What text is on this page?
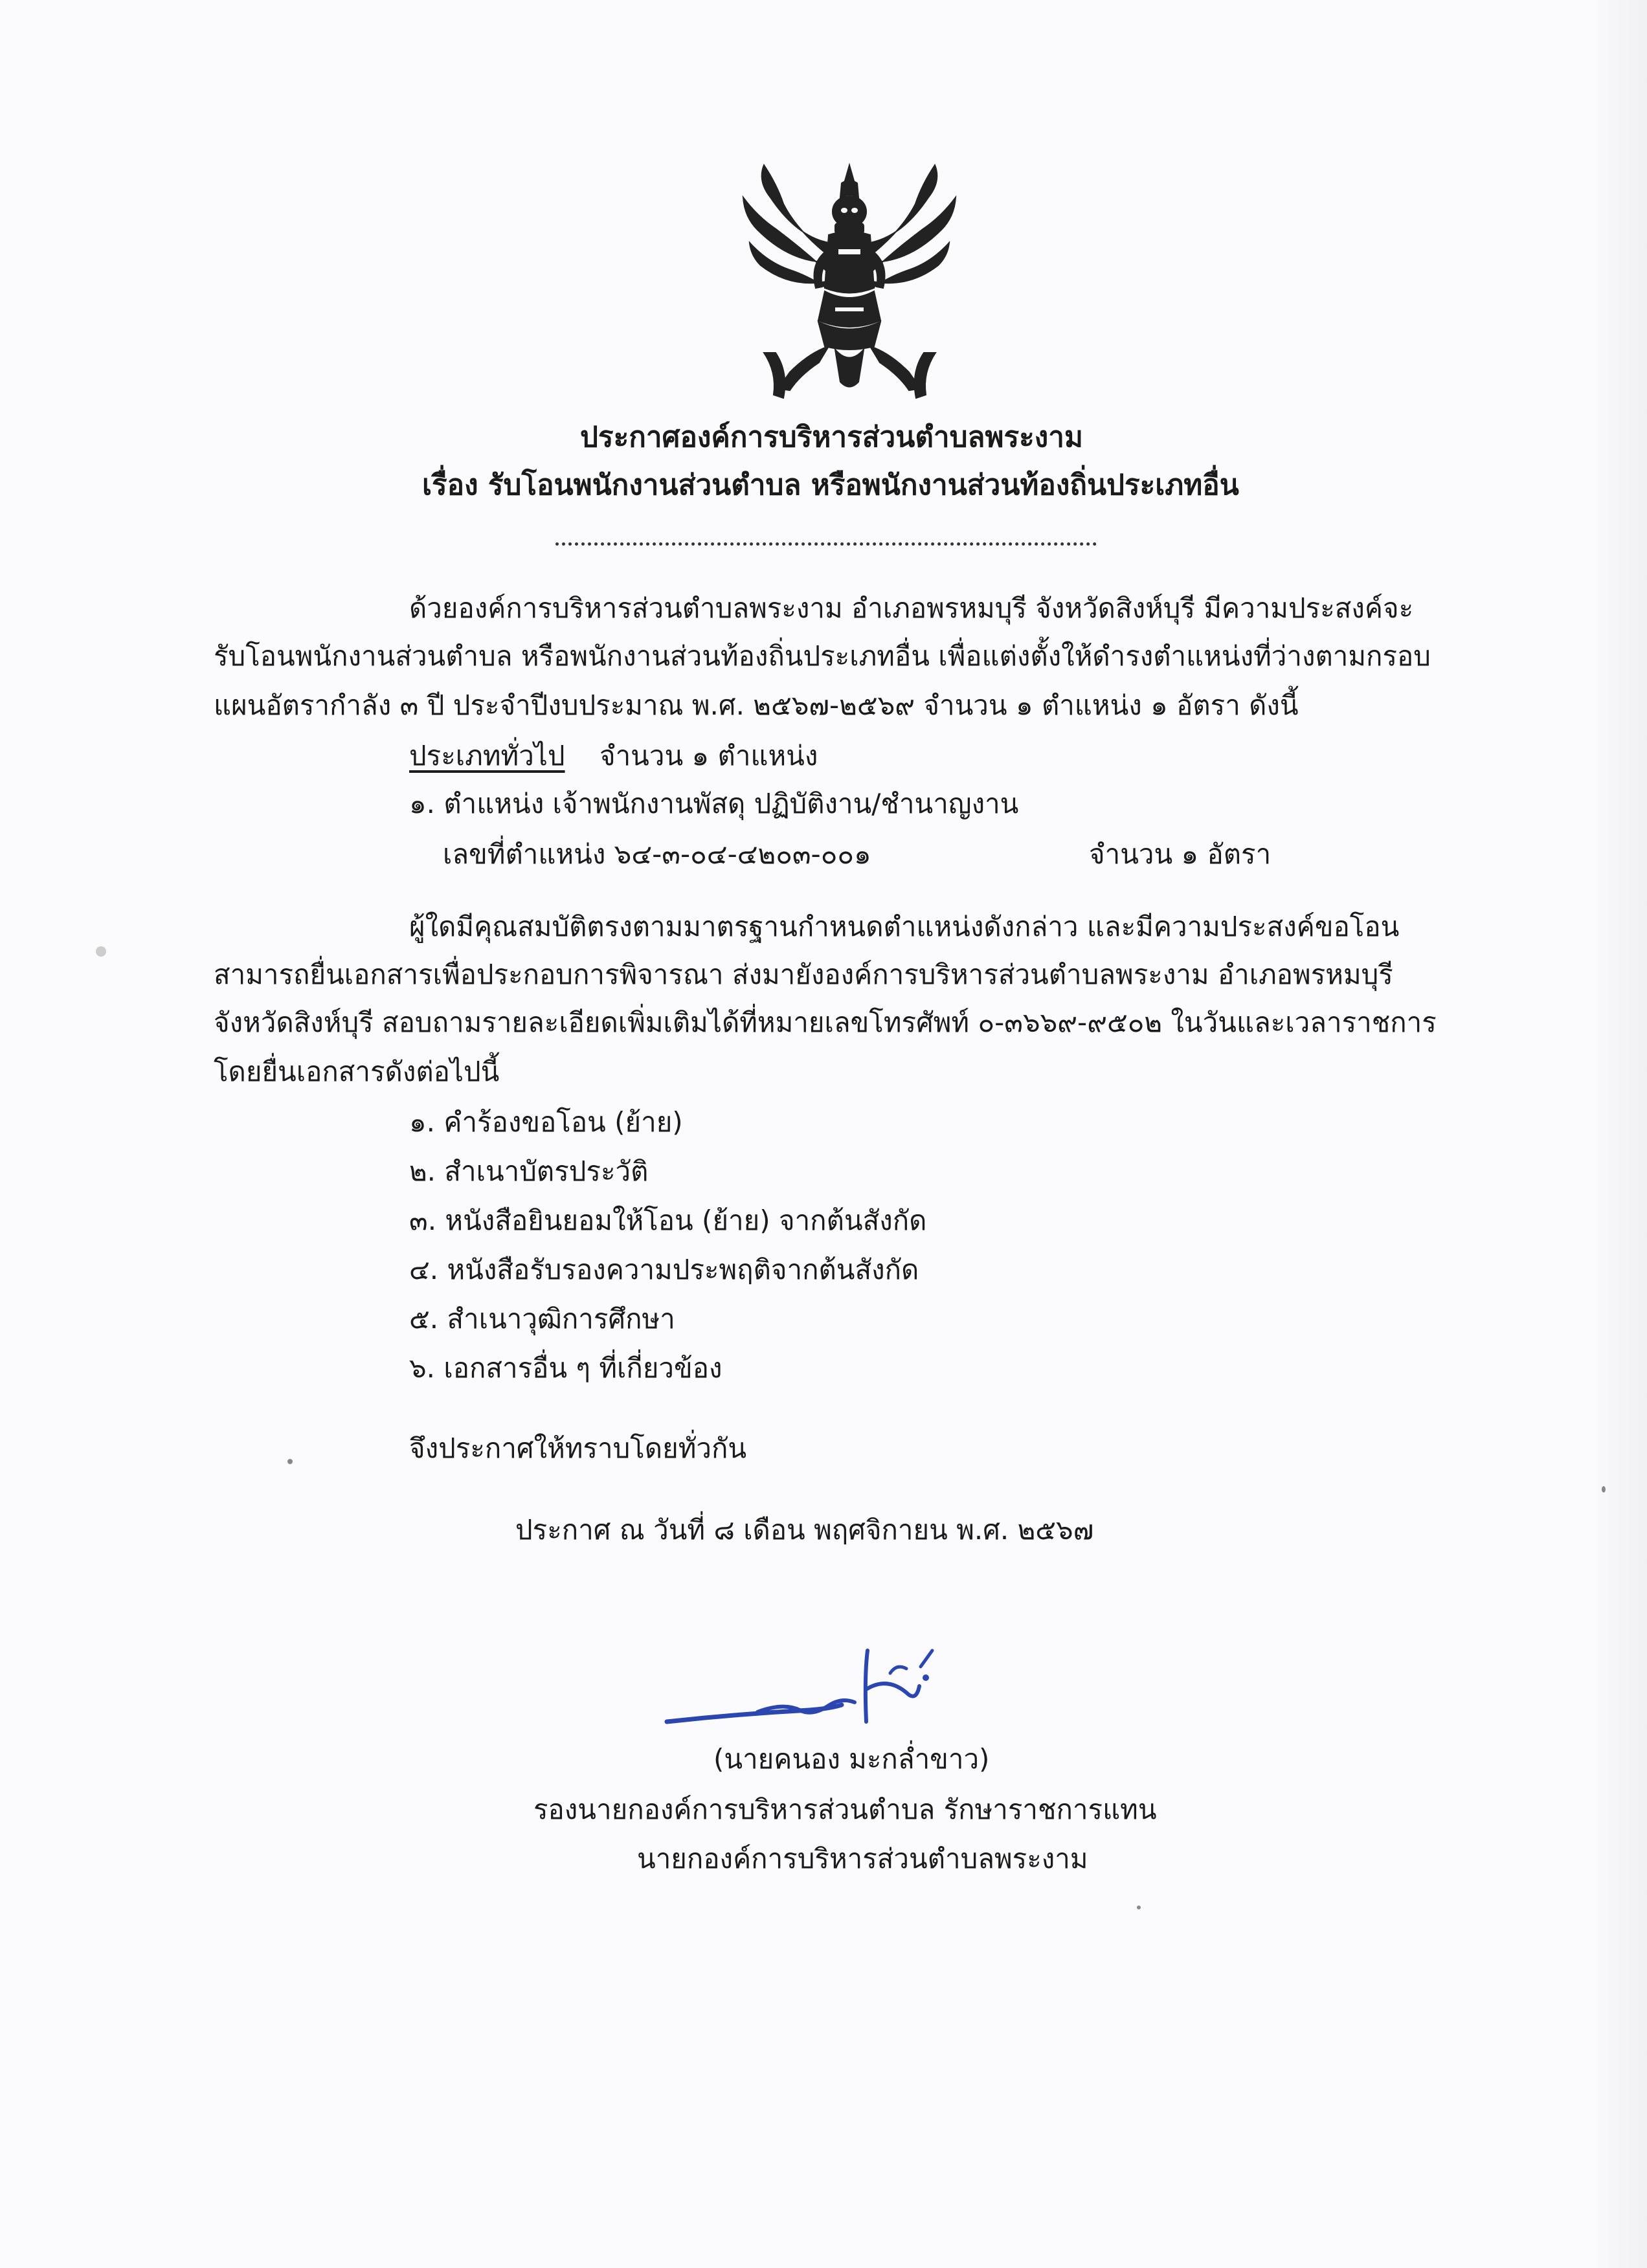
ประกาศองค์การบริหารส่วนตำบลพระงาม
เรื่อง รับโอนพนักงานส่วนตำบล หรือพนักงานส่วนท้องถิ่นประเภทอื่น
ด้วยองค์การบริหารส่วนตำบลพระงาม อำเภอพรหมบุรี จังหวัดสิงห์บุรี มีความประสงค์จะ
รับโอนพนักงานส่วนตำบล หรือพนักงานส่วนท้องถิ่นประเภทอื่น เพื่อแต่งตั้งให้ดำรงตำแหน่งที่ว่างตามกรอบ
แผนอัตรากำลัง ๓ ปี ประจำปีงบประมาณ พ.ศ. ๒๕๖๗-๒๕๖๙ จำนวน ๑ ตำแหน่ง ๑ อัตรา ดังนี้
ประเภททั่วไป จำนวน ๑ ตำแหน่ง
๑. ตำแหน่ง เจ้าพนักงานพัสดุ ปฏิบัติงาน/ชำนาญงาน
เลขที่ตำแหน่ง ๖๔-๓-๐๔-๔๒๐๓-๐๐๑	จำนวน ๑ อัตรา
ผู้ใดมีคุณสมบัติตรงตามมาตรฐานกำหนดตำแหน่งดังกล่าว และมีความประสงค์ขอโอน
สามารถยื่นเอกสารเพื่อประกอบการพิจารณา ส่งมายังองค์การบริหารส่วนตำบลพระงาม อำเภอพรหมบุรี
จังหวัดสิงห์บุรี สอบถามรายละเอียดเพิ่มเติมได้ที่หมายเลขโทรศัพท์ ๐-๓๖๖๙-๙๕๐๒ ในวันและเวลาราชการ
โดยยื่นเอกสารดังต่อไปนี้
๑. คำร้องขอโอน (ย้าย)
๒. สำเนาบัตรประวัติ
๓. หนังสือยินยอมให้โอน (ย้าย) จากต้นสังกัด
๔. หนังสือรับรองความประพฤติจากต้นสังกัด
๕. สำเนาวุฒิการศึกษา
๖. เอกสารอื่น ๆ ที่เกี่ยวข้อง
จึงประกาศให้ทราบโดยทั่วกัน
ประกาศ ณ วันที่ ๘ เดือน พฤศจิกายน พ.ศ. ๒๕๖๗
(นายคนอง มะกล่ำขาว)
รองนายกองค์การบริหารส่วนตำบล รักษาราชการแทน
นายกองค์การบริหารส่วนตำบลพระงาม
